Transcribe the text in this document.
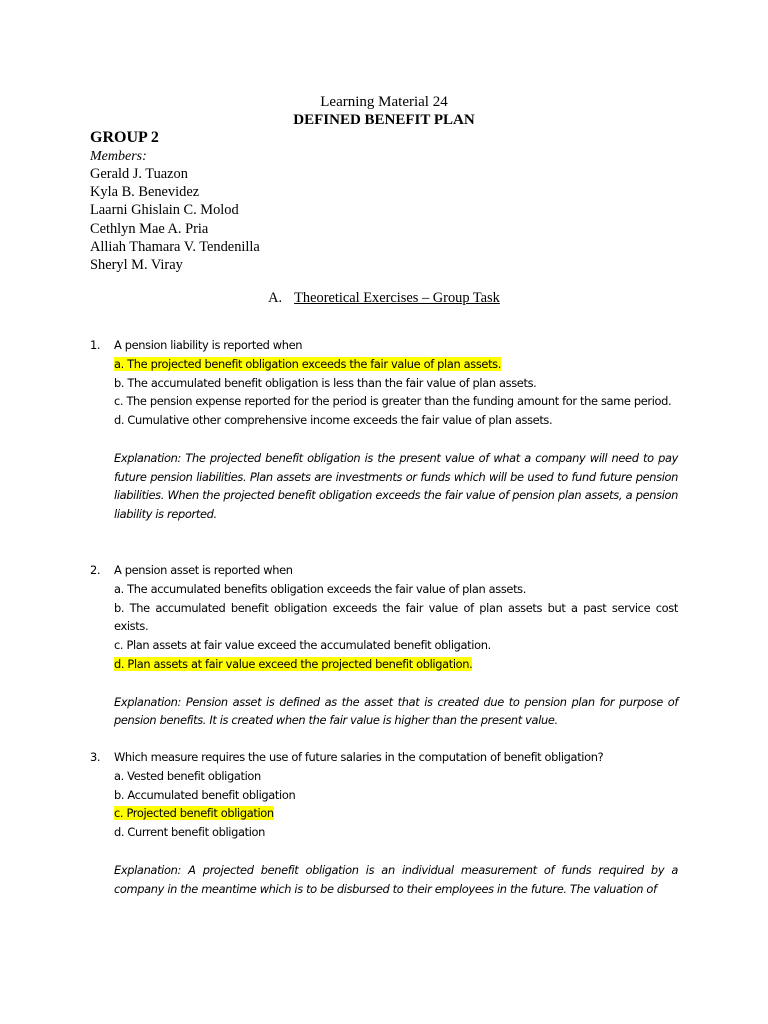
Learning Material 24
DEFINED BENEFIT PLAN
GROUP 2
Members:
Gerald J. Tuazon
Kyla B. Benevidez
Laarni Ghislain C. Molod
Cethlyn Mae A. Pria
Alliah Thamara V. Tendenilla
Sheryl M. Viray
A. Theoretical Exercises – Group Task
1.	A pension liability is reported when
a. The projected benefit obligation exceeds the fair value of plan assets.
b. The accumulated benefit obligation is less than the fair value of plan assets.
c. The pension expense reported for the period is greater than the funding amount for the same period.
d. Cumulative other comprehensive income exceeds the fair value of plan assets.
Explanation: The projected benefit obligation is the present value of what a company will need to pay future pension liabilities. Plan assets are investments or funds which will be used to fund future pension liabilities. When the projected benefit obligation exceeds the fair value of pension plan assets, a pension liability is reported.
2.	A pension asset is reported when
a. The accumulated benefits obligation exceeds the fair value of plan assets.
b. The accumulated benefit obligation exceeds the fair value of plan assets but a past service cost exists.
c. Plan assets at fair value exceed the accumulated benefit obligation.
d. Plan assets at fair value exceed the projected benefit obligation.
Explanation: Pension asset is defined as the asset that is created due to pension plan for purpose of pension benefits. It is created when the fair value is higher than the present value.
3.	Which measure requires the use of future salaries in the computation of benefit obligation?
a. Vested benefit obligation
b. Accumulated benefit obligation
c. Projected benefit obligation
d. Current benefit obligation
Explanation: A projected benefit obligation is an individual measurement of funds required by a company in the meantime which is to be disbursed to their employees in the future. The valuation of
